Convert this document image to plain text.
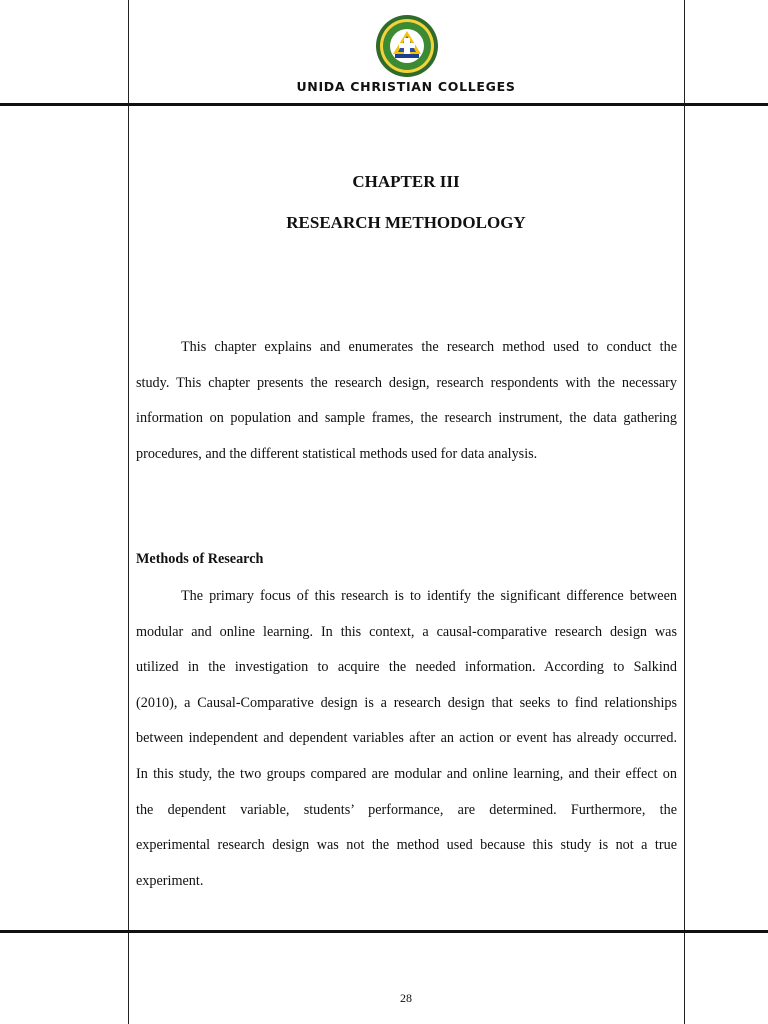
UNIDA CHRISTIAN COLLEGES
CHAPTER III
RESEARCH METHODOLOGY
This chapter explains and enumerates the research method used to conduct the
study. This chapter presents the research design, research respondents with the necessary
information on population and sample frames, the research instrument, the data gathering
procedures, and the different statistical methods used for data analysis.
Methods of Research
The primary focus of this research is to identify the significant difference between
modular and online learning. In this context, a causal-comparative research design was
utilized in the investigation to acquire the needed information. According to Salkind
(2010), a Causal-Comparative design is a research design that seeks to find relationships
between independent and dependent variables after an action or event has already occurred.
In this study, the two groups compared are modular and online learning, and their effect on
the dependent variable, students’ performance, are determined. Furthermore, the
experimental research design was not the method used because this study is not a true
experiment.
28
